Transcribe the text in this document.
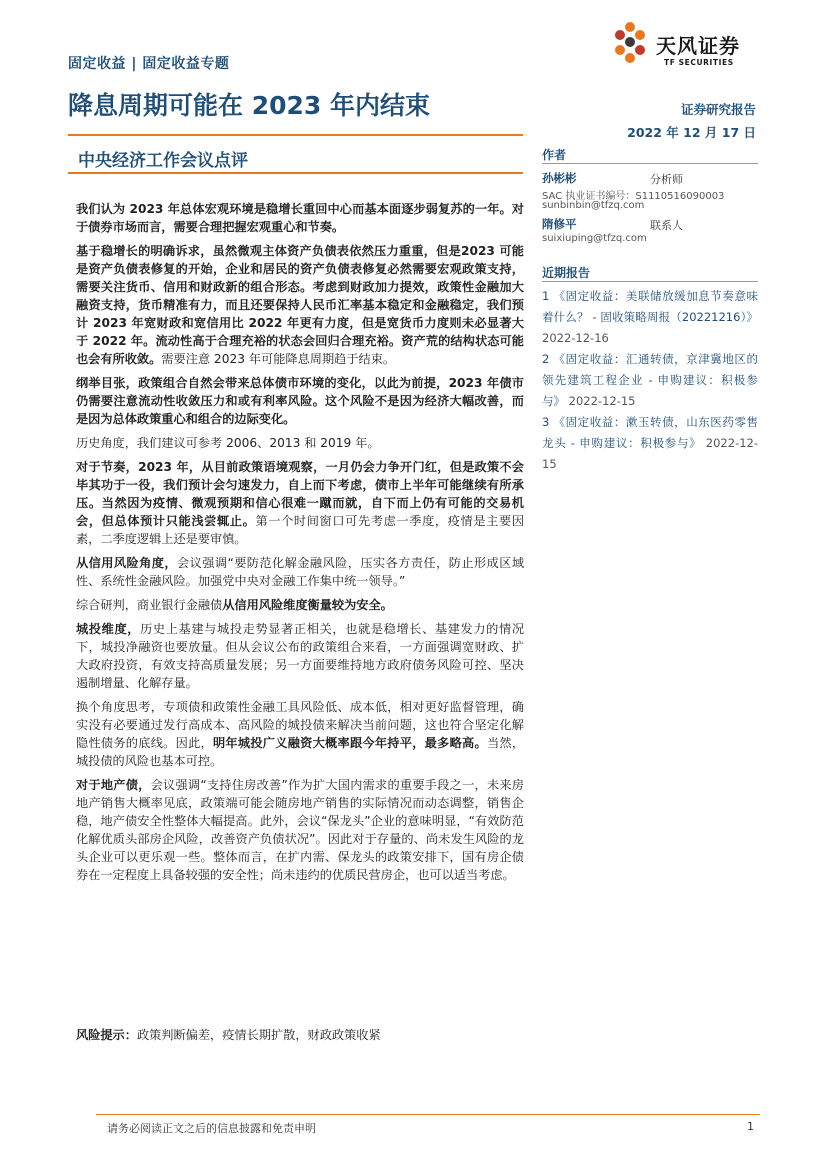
固定收益 | 固定收益专题
天风证券
TF SECURITIES
降息周期可能在 2023 年内结束
中央经济工作会议点评
证券研究报告
2022 年 12 月 17 日
作者
孙彬彬	分析师
SAC 执业证书编号：S1110516090003
sunbinbin@tfzq.com
隋修平	联系人
suixiuping@tfzq.com
近期报告
1 《固定收益：美联储放缓加息节奏意味着什么？ - 固收策略周报（20221216）》 2022-12-16
2 《固定收益：汇通转债，京津冀地区的领先建筑工程企业 - 申购建议：积极参与》 2022-12-15
3 《固定收益：漱玉转债，山东医药零售龙头 - 申购建议：积极参与》 2022-12-15

我们认为 2023 年总体宏观环境是稳增长重回中心而基本面逐步弱复苏的一年。对于债券市场而言，需要合理把握宏观重心和节奏。

基于稳增长的明确诉求，虽然微观主体资产负债表依然压力重重，但是2023 可能是资产负债表修复的开始，企业和居民的资产负债表修复必然需要宏观政策支持，需要关注货币、信用和财政新的组合形态。考虑到财政加力提效，政策性金融加大融资支持，货币精准有力，而且还要保持人民币汇率基本稳定和金融稳定，我们预计 2023 年宽财政和宽信用比 2022 年更有力度，但是宽货币力度则未必显著大于 2022 年。流动性高于合理充裕的状态会回归合理充裕。资产荒的结构状态可能也会有所收敛。需要注意 2023 年可能降息周期趋于结束。

纲举目张，政策组合自然会带来总体债市环境的变化，以此为前提，2023 年债市仍需要注意流动性收敛压力和或有利率风险。这个风险不是因为经济大幅改善，而是因为总体政策重心和组合的边际变化。

历史角度，我们建议可参考 2006、2013 和 2019 年。

对于节奏，2023 年，从目前政策语境观察，一月仍会力争开门红，但是政策不会毕其功于一役，我们预计会匀速发力，自上而下考虑，债市上半年可能继续有所承压。当然因为疫情、微观预期和信心很难一蹴而就，自下而上仍有可能的交易机会，但总体预计只能浅尝辄止。第一个时间窗口可先考虑一季度，疫情是主要因素，二季度逻辑上还是要审慎。

从信用风险角度，会议强调“要防范化解金融风险，压实各方责任，防止形成区域性、系统性金融风险。加强党中央对金融工作集中统一领导。”

综合研判，商业银行金融债从信用风险维度衡量较为安全。

城投维度，历史上基建与城投走势显著正相关，也就是稳增长、基建发力的情况下，城投净融资也要放量。但从会议公布的政策组合来看，一方面强调宽财政、扩大政府投资，有效支持高质量发展；另一方面要维持地方政府债务风险可控、坚决遏制增量、化解存量。

换个角度思考，专项债和政策性金融工具风险低、成本低，相对更好监督管理，确实没有必要通过发行高成本、高风险的城投债来解决当前问题，这也符合坚定化解隐性债务的底线。因此，明年城投广义融资大概率跟今年持平，最多略高。当然，城投债的风险也基本可控。

对于地产债，会议强调“支持住房改善”作为扩大国内需求的重要手段之一，未来房地产销售大概率见底，政策端可能会随房地产销售的实际情况而动态调整，销售企稳，地产债安全性整体大幅提高。此外，会议“保龙头”企业的意味明显，“有效防范化解优质头部房企风险，改善资产负债状况”。因此对于存量的、尚未发生风险的龙头企业可以更乐观一些。整体而言，在扩内需、保龙头的政策安排下，国有房企债券在一定程度上具备较强的安全性；尚未违约的优质民营房企，也可以适当考虑。

风险提示：政策判断偏差，疫情长期扩散，财政政策收紧
请务必阅读正文之后的信息披露和免责申明	1
